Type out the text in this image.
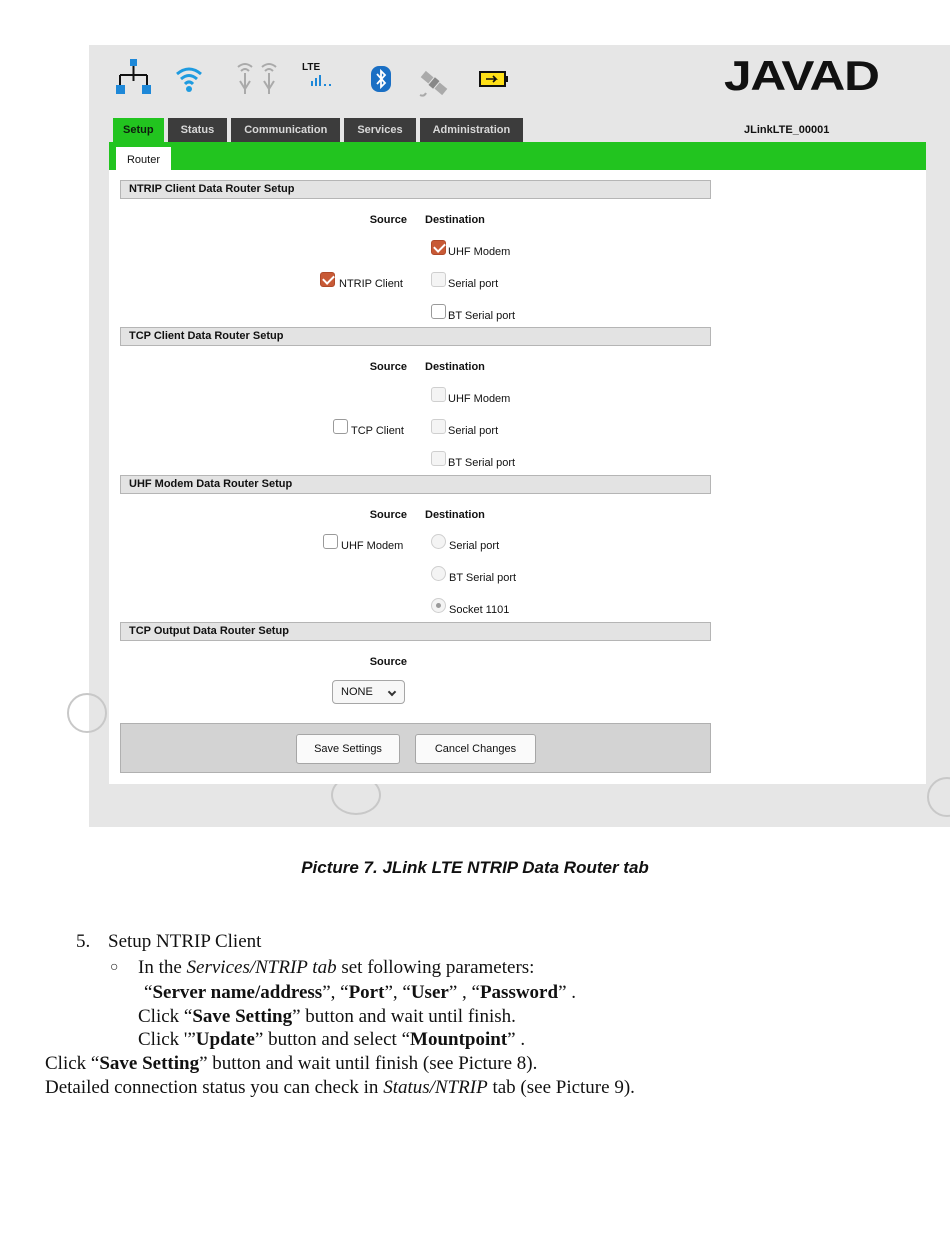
LTE	JAVAD
Setup	Status	Communication	Services	Administration	JLinkLTE_00001
Router
NTRIP Client Data Router Setup
Source Destination
UHF Modem
NTRIP Client	Serial port
BT Serial port
TCP Client Data Router Setup
Source Destination
UHF Modem
TCP Client	Serial port
BT Serial port
UHF Modem Data Router Setup
Source Destination
UHF Modem	Serial port
BT Serial port
Socket 1101
TCP Output Data Router Setup
Source
NONE
Save Settings	Cancel Changes
Picture 7. JLink LTE NTRIP Data Router tab
5. Setup NTRIP Client
○ In the Services/NTRIP tab set following parameters:
“Server name/address”, “Port”, “User” , “Password” .
Click “Save Setting” button and wait until finish.
Click '”Update” button and select “Mountpoint” .
Click “Save Setting” button and wait until finish (see Picture 8).
Detailed connection status you can check in Status/NTRIP tab (see Picture 9).
